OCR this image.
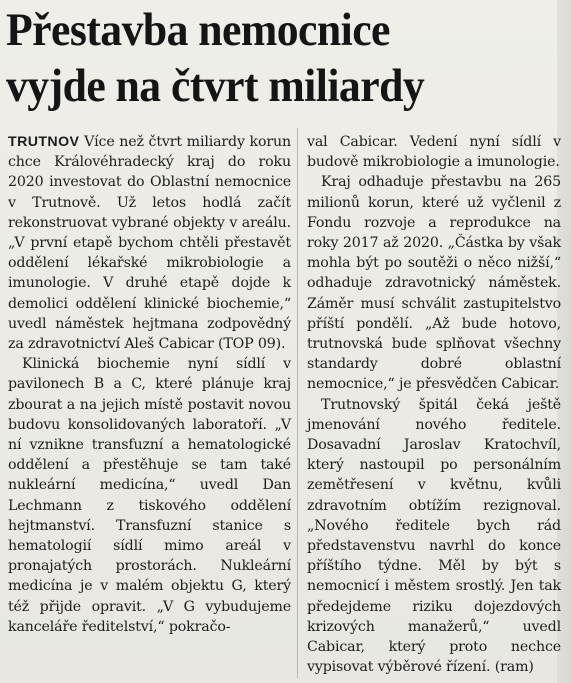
Přestavba nemocnice vyjde na čtvrt miliardy

TRUTNOV Více než čtvrt miliardy korun chce Královéhradecký kraj do roku 2020 investovat do Oblastní nemocnice v Trutnově. Už letos hodlá začít rekonstruovat vybrané objekty v areálu. „V první etapě bychom chtěli přestavět oddělení lékařské mikrobiologie a imunologie. V druhé etapě dojde k demolici oddělení klinické biochemie,“ uvedl náměstek hejtmana zodpovědný za zdravotnictví Aleš Cabicar (TOP 09).

Klinická biochemie nyní sídlí v pavilonech B a C, které plánuje kraj zbourat a na jejich místě postavit novou budovu konsolidovaných laboratoří. „V ní vznikne transfuzní a hematologické oddělení a přestěhuje se tam také nukleární medicína,“ uvedl Dan Lechmann z tiskového oddělení hejtmanství. Transfuzní stanice s hematologií sídlí mimo areál v pronajatých prostorách. Nukleární medicína je v malém objektu G, který též přijde opravit. „V G vybudujeme kanceláře ředitelství,“ pokračo-

val Cabicar. Vedení nyní sídlí v budově mikrobiologie a imunologie.

Kraj odhaduje přestavbu na 265 milionů korun, které už vyčlenil z Fondu rozvoje a reprodukce na roky 2017 až 2020. „Částka by však mohla být po soutěži o něco nižší,“ odhaduje zdravotnický náměstek. Záměr musí schválit zastupitelstvo příští pondělí. „Až bude hotovo, trutnovská bude splňovat všechny standardy dobré oblastní nemocnice,“ je přesvědčen Cabicar.

Trutnovský špitál čeká ještě jmenování nového ředitele. Dosavadní Jaroslav Kratochvíl, který nastoupil po personálním zemětřesení v květnu, kvůli zdravotním obtížím rezignoval. „Nového ředitele bych rád představenstvu navrhl do konce příštího týdne. Měl by být s nemocnicí i městem srostlý. Jen tak předejdeme riziku dojezdových krizových manažerů,“ uvedl Cabicar, který proto nechce vypisovat výběrové řízení. (ram)
